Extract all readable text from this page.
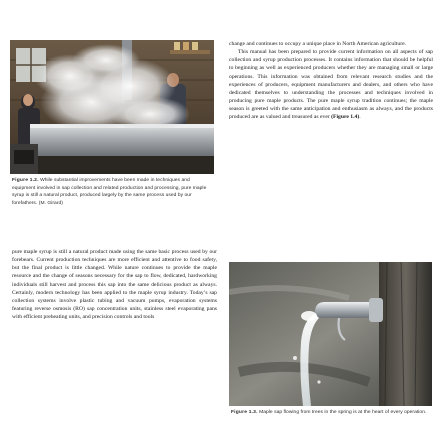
Figure 1.2. While substantial improvements have been made in techniques and equipment involved in sap collection and related production and processing, pure maple syrup is still a natural product, produced largely by the same process used by our forefathers. (M. Girard)

pure maple syrup is still a natural product made using the same basic process used by our forebears. Current production techniques are more efficient and attentive to food safety, but the final product is little changed. While nature continues to provide the maple resource and the change of seasons necessary for the sap to flow, dedicated, hardworking individuals still harvest and process this sap into the same delicious product as always. Certainly, modern technology has been applied to the maple syrup industry. Today’s sap collection systems involve plastic tubing and vacuum pumps, evaporation systems featuring reverse osmosis (RO) sap concentration units, stainless steel evaporating pans with efficient preheating units, and precision controls and tools

change and continues to occupy a unique place in North American agriculture.

This manual has been prepared to provide current information on all aspects of sap collection and syrup production processes. It contains information that should be helpful to beginning as well as experienced producers whether they are managing small or large operations. This information was obtained from relevant research studies and the experiences of producers, equipment manufacturers and dealers, and others who have dedicated themselves to understanding the processes and techniques involved in producing pure maple products. The pure maple syrup tradition continues; the maple season is greeted with the same anticipation and enthusiasm as always, and the products produced are as valued and treasured as ever (Figure 1.4).

Figure 1.3. Maple sap flowing from trees in the spring is at the heart of every operation.
